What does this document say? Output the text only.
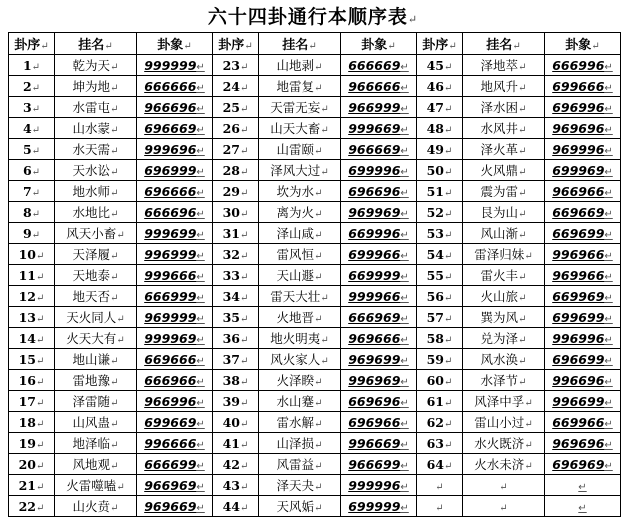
六十四卦通行本顺序表↵
卦序↵	挂名↵	卦象↵	卦序↵	挂名↵	卦象↵	卦序↵	挂名↵	卦象↵
1↵	乾为天↵	999999↵	23↵	山地剥↵	666669↵	45↵	泽地萃↵	666996↵
2↵	坤为地↵	666666↵	24↵	地雷复↵	966666↵	46↵	地风升↵	699666↵
3↵	水雷屯↵	966696↵	25↵	天雷无妄↵	966999↵	47↵	泽水困↵	696996↵
4↵	山水蒙↵	696669↵	26↵	山天大畜↵	999669↵	48↵	水风井↵	969696↵
5↵	水天需↵	999696↵	27↵	山雷颐↵	966669↵	49↵	泽火革↵	969996↵
6↵	天水讼↵	696999↵	28↵	泽风大过↵	699996↵	50↵	火风鼎↵	699969↵
7↵	地水师↵	696666↵	29↵	坎为水↵	696696↵	51↵	震为雷↵	966966↵
8↵	水地比↵	666696↵	30↵	离为火↵	969969↵	52↵	艮为山↵	669669↵
9↵	风天小畜↵	999699↵	31↵	泽山咸↵	669996↵	53↵	风山渐↵	669699↵
10↵	天泽履↵	996999↵	32↵	雷风恒↵	699966↵	54↵	雷泽归妹↵	996966↵
11↵	天地泰↵	999666↵	33↵	天山遯↵	669999↵	55↵	雷火丰↵	969966↵
12↵	地天否↵	666999↵	34↵	雷天大壮↵	999966↵	56↵	火山旅↵	669969↵
13↵	天火同人↵	969999↵	35↵	火地晋↵	666969↵	57↵	巽为风↵	699699↵
14↵	火天大有↵	999969↵	36↵	地火明夷↵	969666↵	58↵	兑为泽↵	996996↵
15↵	地山谦↵	669666↵	37↵	风火家人↵	969699↵	59↵	风水涣↵	696699↵
16↵	雷地豫↵	666966↵	38↵	火泽睽↵	996969↵	60↵	水泽节↵	996696↵
17↵	泽雷随↵	966996↵	39↵	水山蹇↵	669696↵	61↵	风泽中孚↵	996699↵
18↵	山风蛊↵	699669↵	40↵	雷水解↵	696966↵	62↵	雷山小过↵	669966↵
19↵	地泽临↵	996666↵	41↵	山泽损↵	996669↵	63↵	水火既济↵	969696↵
20↵	风地观↵	666699↵	42↵	风雷益↵	966699↵	64↵	火水未济↵	696969↵
21↵	火雷噬嗑↵	966969↵	43↵	泽天夬↵	999996↵	↵	↵	↵
22↵	山火贲↵	969669↵	44↵	天风姤↵	699999↵	↵	↵	↵
